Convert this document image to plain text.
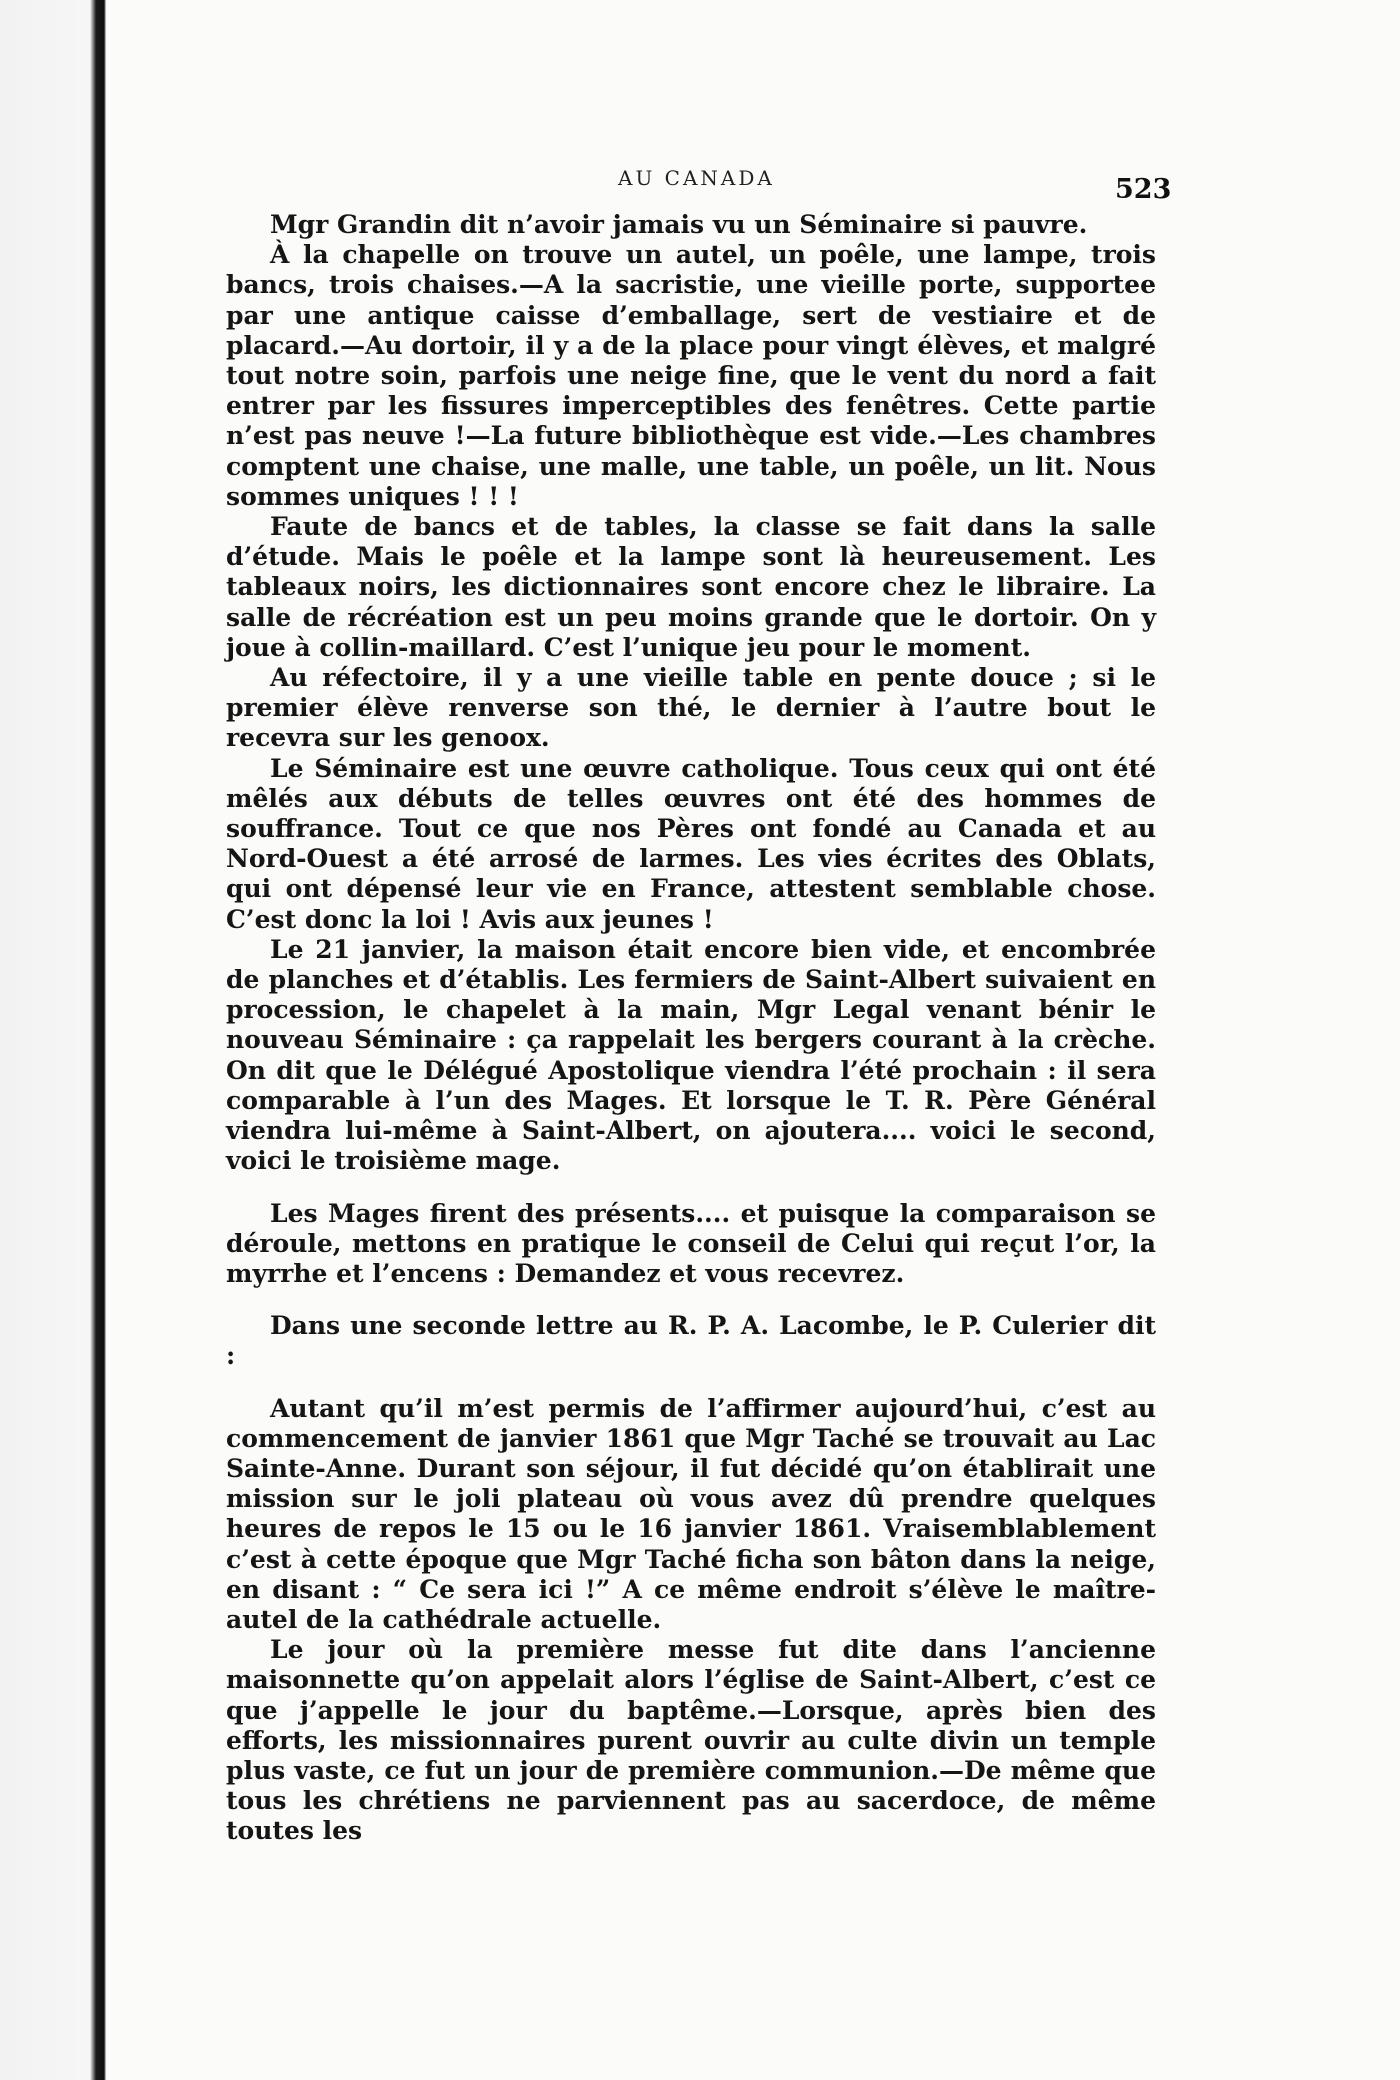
AU CANADA	523

Mgr Grandin dit n’avoir jamais vu un Séminaire si pauvre.

À la chapelle on trouve un autel, un poêle, une lampe, trois bancs, trois chaises.—A la sacristie, une vieille porte, supportee par une antique caisse d’emballage, sert de vestiaire et de placard.—Au dortoir, il y a de la place pour vingt élèves, et malgré tout notre soin, parfois une neige fine, que le vent du nord a fait entrer par les fissures imperceptibles des fenêtres. Cette partie n’est pas neuve !—La future bibliothèque est vide.—Les chambres comptent une chaise, une malle, une table, un poêle, un lit. Nous sommes uniques ! ! !

Faute de bancs et de tables, la classe se fait dans la salle d’étude. Mais le poêle et la lampe sont là heureusement. Les tableaux noirs, les dictionnaires sont encore chez le libraire. La salle de récréation est un peu moins grande que le dortoir. On y joue à collin-maillard. C’est l’unique jeu pour le moment.

Au réfectoire, il y a une vieille table en pente douce ; si le premier élève renverse son thé, le dernier à l’autre bout le recevra sur les genoox.

Le Séminaire est une œuvre catholique. Tous ceux qui ont été mêlés aux débuts de telles œuvres ont été des hommes de souffrance. Tout ce que nos Pères ont fondé au Canada et au Nord-Ouest a été arrosé de larmes. Les vies écrites des Oblats, qui ont dépensé leur vie en France, attestent semblable chose. C’est donc la loi ! Avis aux jeunes !

Le 21 janvier, la maison était encore bien vide, et encombrée de planches et d’établis. Les fermiers de Saint-Albert suivaient en procession, le chapelet à la main, Mgr Legal venant bénir le nouveau Séminaire : ça rappelait les bergers courant à la crèche. On dit que le Délégué Apostolique viendra l’été prochain : il sera comparable à l’un des Mages. Et lorsque le T. R. Père Général viendra lui-même à Saint-Albert, on ajoutera.... voici le second, voici le troisième mage.

Les Mages firent des présents.... et puisque la comparaison se déroule, mettons en pratique le conseil de Celui qui reçut l’or, la myrrhe et l’encens : Demandez et vous recevrez.

Dans une seconde lettre au R. P. A. Lacombe, le P. Culerier dit :

Autant qu’il m’est permis de l’affirmer aujourd’hui, c’est au commencement de janvier 1861 que Mgr Taché se trouvait au Lac Sainte-Anne. Durant son séjour, il fut décidé qu’on établirait une mission sur le joli plateau où vous avez dû prendre quelques heures de repos le 15 ou le 16 janvier 1861. Vraisemblablement c’est à cette époque que Mgr Taché ficha son bâton dans la neige, en disant : “ Ce sera ici !” A ce même endroit s’élève le maître-autel de la cathédrale actuelle.

Le jour où la première messe fut dite dans l’ancienne maisonnette qu’on appelait alors l’église de Saint-Albert, c’est ce que j’appelle le jour du baptême.—Lorsque, après bien des efforts, les missionnaires purent ouvrir au culte divin un temple plus vaste, ce fut un jour de première communion.—De même que tous les chrétiens ne parviennent pas au sacerdoce, de même toutes les
